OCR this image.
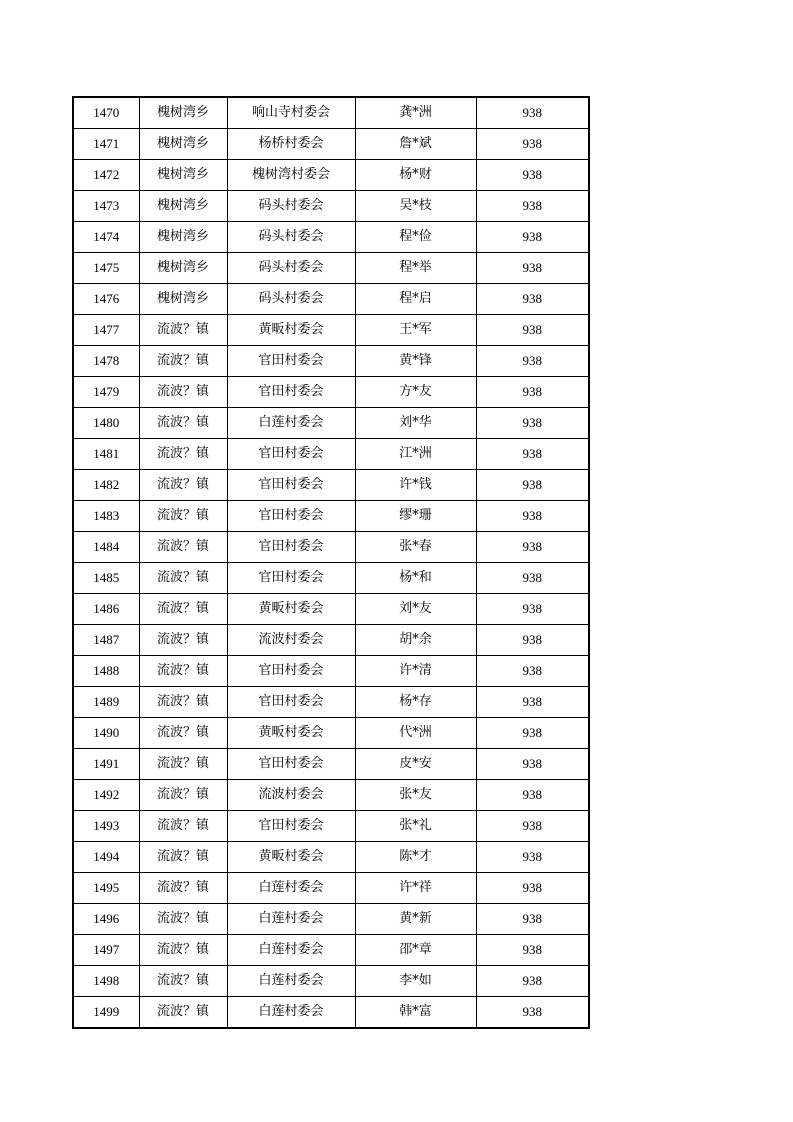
1470	槐树湾乡	响山寺村委会	龚*洲	938
1471	槐树湾乡	杨桥村委会	詹*斌	938
1472	槐树湾乡	槐树湾村委会	杨*财	938
1473	槐树湾乡	码头村委会	吴*枝	938
1474	槐树湾乡	码头村委会	程*俭	938
1475	槐树湾乡	码头村委会	程*举	938
1476	槐树湾乡	码头村委会	程*启	938
1477	流波？镇	黄畈村委会	王*军	938
1478	流波？镇	官田村委会	黄*锋	938
1479	流波？镇	官田村委会	方*友	938
1480	流波？镇	白莲村委会	刘*华	938
1481	流波？镇	官田村委会	江*洲	938
1482	流波？镇	官田村委会	许*钱	938
1483	流波？镇	官田村委会	缪*珊	938
1484	流波？镇	官田村委会	张*春	938
1485	流波？镇	官田村委会	杨*和	938
1486	流波？镇	黄畈村委会	刘*友	938
1487	流波？镇	流波村委会	胡*余	938
1488	流波？镇	官田村委会	许*清	938
1489	流波？镇	官田村委会	杨*存	938
1490	流波？镇	黄畈村委会	代*洲	938
1491	流波？镇	官田村委会	皮*安	938
1492	流波？镇	流波村委会	张*友	938
1493	流波？镇	官田村委会	张*礼	938
1494	流波？镇	黄畈村委会	陈*才	938
1495	流波？镇	白莲村委会	许*祥	938
1496	流波？镇	白莲村委会	黄*新	938
1497	流波？镇	白莲村委会	邵*章	938
1498	流波？镇	白莲村委会	李*如	938
1499	流波？镇	白莲村委会	韩*富	938
